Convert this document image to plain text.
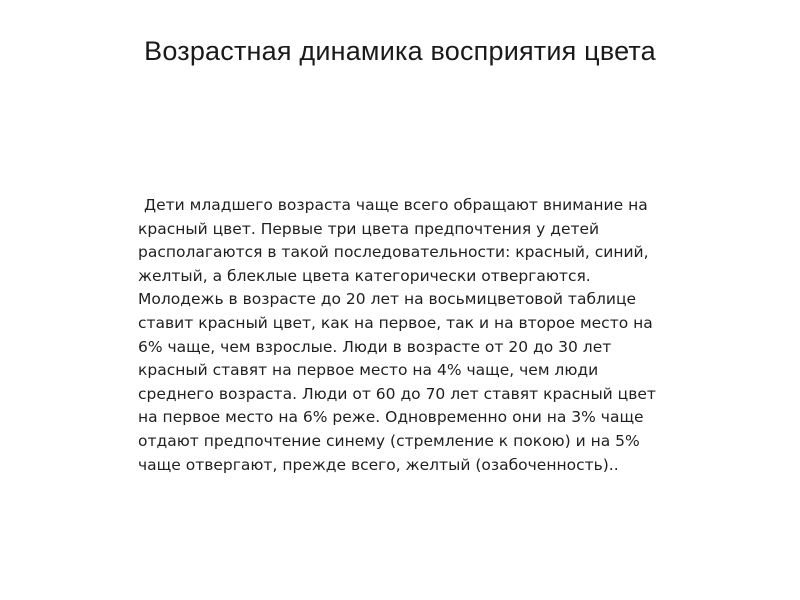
Возрастная динамика восприятия цвета

Дети младшего возраста чаще всего обращают внимание на красный цвет. Первые три цвета предпочтения у детей располагаются в такой последовательности: красный, синий, желтый, а блеклые цвета категорически отвергаются. Молодежь в возрасте до 20 лет на восьмицветовой таблице ставит красный цвет, как на первое, так и на второе место на 6% чаще, чем взрослые. Люди в возрасте от 20 до 30 лет красный ставят на первое место на 4% чаще, чем люди среднего возраста. Люди от 60 до 70 лет ставят красный цвет на первое место на 6% реже. Одновременно они на 3% чаще отдают предпочтение синему (стремление к покою) и на 5% чаще отвергают, прежде всего, желтый (озабоченность)..
